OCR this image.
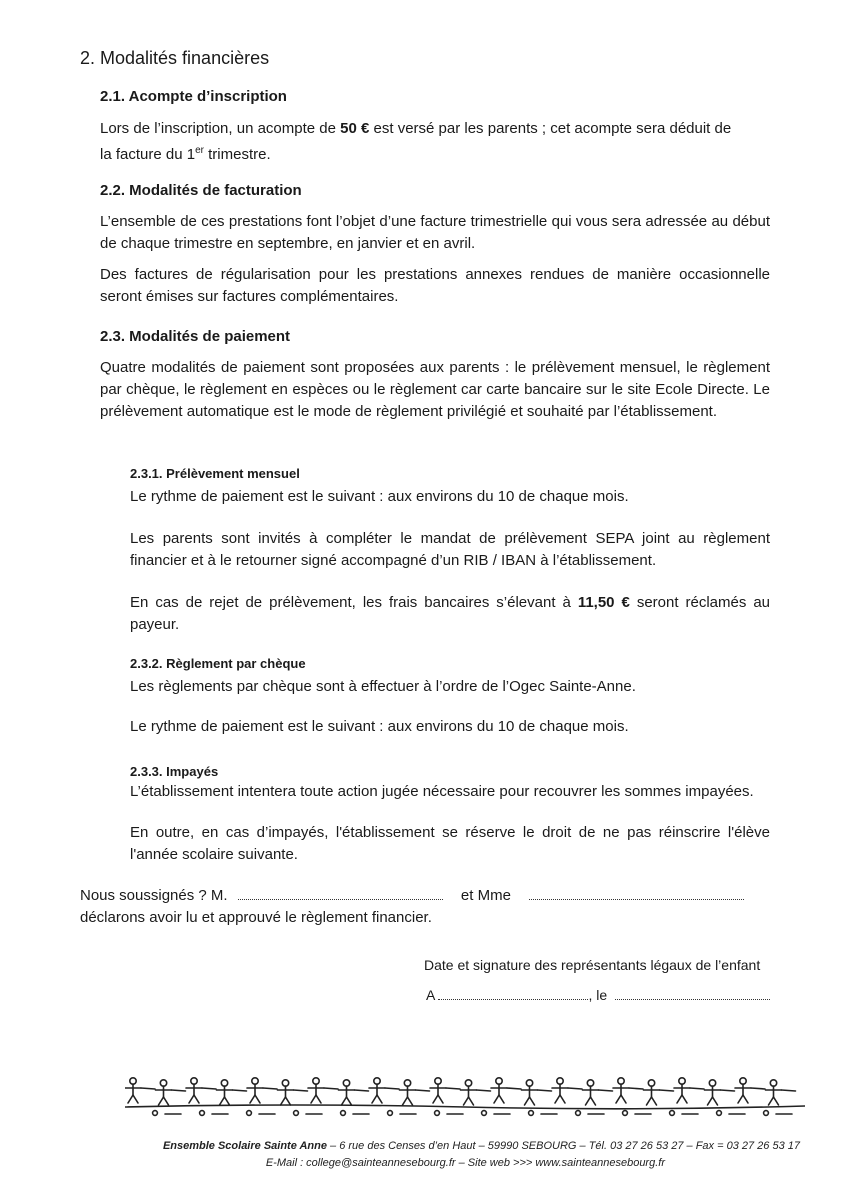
2. Modalités financières
2.1. Acompte d’inscription
Lors de l’inscription, un acompte de 50 € est versé par les parents ; cet acompte sera déduit de
la facture du 1er trimestre.
2.2. Modalités de facturation
L’ensemble de ces prestations font l’objet d’une facture trimestrielle qui vous sera adressée au début de chaque trimestre en septembre, en janvier et en avril.
Des factures de régularisation pour les prestations annexes rendues de manière occasionnelle seront émises sur factures complémentaires.
2.3. Modalités de paiement
Quatre modalités de paiement sont proposées aux parents : le prélèvement mensuel, le règlement par chèque, le règlement en espèces ou le règlement car carte bancaire sur le site Ecole Directe. Le prélèvement automatique est le mode de règlement privilégié et souhaité par l’établissement.
2.3.1. Prélèvement mensuel
Le rythme de paiement est le suivant : aux environs du 10 de chaque mois.
Les parents sont invités à compléter le mandat de prélèvement SEPA joint au règlement financier et à le retourner signé accompagné d’un RIB / IBAN à l’établissement.
En cas de rejet de prélèvement, les frais bancaires s’élevant à 11,50 € seront réclamés au payeur.
2.3.2. Règlement par chèque
Les règlements par chèque sont à effectuer à l’ordre de l’Ogec Sainte-Anne.
Le rythme de paiement est le suivant : aux environs du 10 de chaque mois.
2.3.3. Impayés
L’établissement intentera toute action jugée nécessaire pour recouvrer les sommes impayées.
En outre, en cas d’impayés, l'établissement se réserve le droit de ne pas réinscrire l'élève l'année scolaire suivante.
Nous soussignés ? M.	et Mme
déclarons avoir lu et approuvé le règlement financier.
Date et signature des représentants légaux de l’enfant
A	, le
Ensemble Scolaire Sainte Anne – 6 rue des Censes d’en Haut – 59990 SEBOURG – Tél. 03 27 26 53 27 – Fax = 03 27 26 53 17
E-Mail : college@sainteannesebourg.fr – Site web >>> www.sainteannesebourg.fr
